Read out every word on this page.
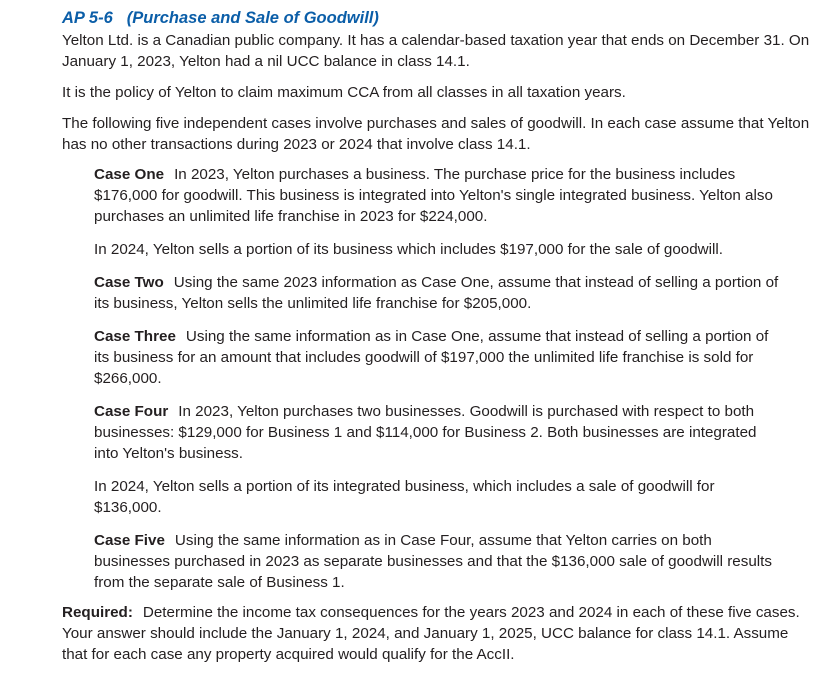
AP 5-6 (Purchase and Sale of Goodwill)

Yelton Ltd. is a Canadian public company. It has a calendar-based taxation year that ends on December 31. On January 1, 2023, Yelton had a nil UCC balance in class 14.1.

It is the policy of Yelton to claim maximum CCA from all classes in all taxation years.

The following five independent cases involve purchases and sales of goodwill. In each case assume that Yelton has no other transactions during 2023 or 2024 that involve class 14.1.

Case One In 2023, Yelton purchases a business. The purchase price for the business includes $176,000 for goodwill. This business is integrated into Yelton's single integrated business. Yelton also purchases an unlimited life franchise in 2023 for $224,000.

In 2024, Yelton sells a portion of its business which includes $197,000 for the sale of goodwill.

Case Two Using the same 2023 information as Case One, assume that instead of selling a portion of its business, Yelton sells the unlimited life franchise for $205,000.

Case Three Using the same information as in Case One, assume that instead of selling a portion of its business for an amount that includes goodwill of $197,000 the unlimited life franchise is sold for $266,000.

Case Four In 2023, Yelton purchases two businesses. Goodwill is purchased with respect to both businesses: $129,000 for Business 1 and $114,000 for Business 2. Both businesses are integrated into Yelton's business.

In 2024, Yelton sells a portion of its integrated business, which includes a sale of goodwill for $136,000.

Case Five Using the same information as in Case Four, assume that Yelton carries on both businesses purchased in 2023 as separate businesses and that the $136,000 sale of goodwill results from the separate sale of Business 1.

Required: Determine the income tax consequences for the years 2023 and 2024 in each of these five cases. Your answer should include the January 1, 2024, and January 1, 2025, UCC balance for class 14.1. Assume that for each case any property acquired would qualify for the AccII.
